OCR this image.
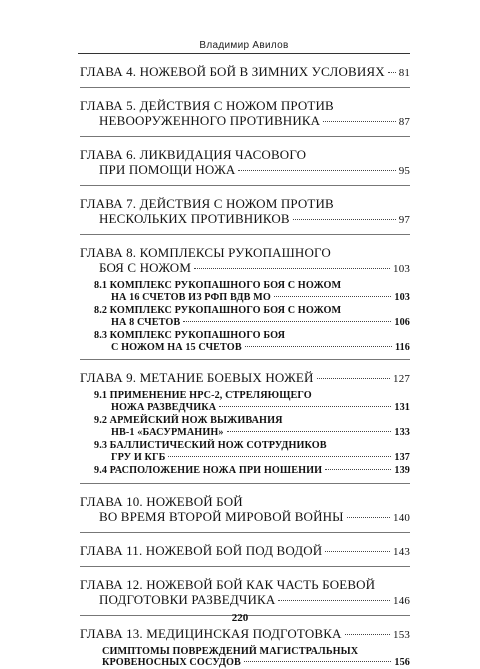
Владимир Авилов
ГЛАВА 4. НОЖЕВОЙ БОЙ В ЗИМНИХ УСЛОВИЯХ 81
ГЛАВА 5. ДЕЙСТВИЯ С НОЖОМ ПРОТИВ
НЕВООРУЖЕННОГО ПРОТИВНИКА	87
ГЛАВА 6. ЛИКВИДАЦИЯ ЧАСОВОГО
ПРИ ПОМОЩИ НОЖА	95
ГЛАВА 7. ДЕЙСТВИЯ С НОЖОМ ПРОТИВ
НЕСКОЛЬКИХ ПРОТИВНИКОВ	97
ГЛАВА 8. КОМПЛЕКСЫ РУКОПАШНОГО
БОЯ С НОЖОМ	103
8.1 КОМПЛЕКС РУКОПАШНОГО БОЯ С НОЖОМ
НА 16 СЧЕТОВ ИЗ РФП ВДВ МО	103
8.2 КОМПЛЕКС РУКОПАШНОГО БОЯ С НОЖОМ
НА 8 СЧЕТОВ	106
8.3 КОМПЛЕКС РУКОПАШНОГО БОЯ
С НОЖОМ НА 15 СЧЕТОВ	116
ГЛАВА 9. МЕТАНИЕ БОЕВЫХ НОЖЕЙ	127
9.1 ПРИМЕНЕНИЕ НРС-2, СТРЕЛЯЮЩЕГО
НОЖА РАЗВЕДЧИКА	131
9.2 АРМЕЙСКИЙ НОЖ ВЫЖИВАНИЯ
НВ-1 «БАСУРМАНИН»	133
9.3 БАЛЛИСТИЧЕСКИЙ НОЖ СОТРУДНИКОВ
ГРУ И КГБ	137
9.4 РАСПОЛОЖЕНИЕ НОЖА ПРИ НОШЕНИИ	139
ГЛАВА 10. НОЖЕВОЙ БОЙ
ВО ВРЕМЯ ВТОРОЙ МИРОВОЙ ВОЙНЫ	140
ГЛАВА 11. НОЖЕВОЙ БОЙ ПОД ВОДОЙ	143
ГЛАВА 12. НОЖЕВОЙ БОЙ КАК ЧАСТЬ БОЕВОЙ
ПОДГОТОВКИ РАЗВЕДЧИКА	146
ГЛАВА 13. МЕДИЦИНСКАЯ ПОДГОТОВКА	153
СИМПТОМЫ ПОВРЕЖДЕНИЙ МАГИСТРАЛЬНЫХ
КРОВЕНОСНЫХ СОСУДОВ	156
220
